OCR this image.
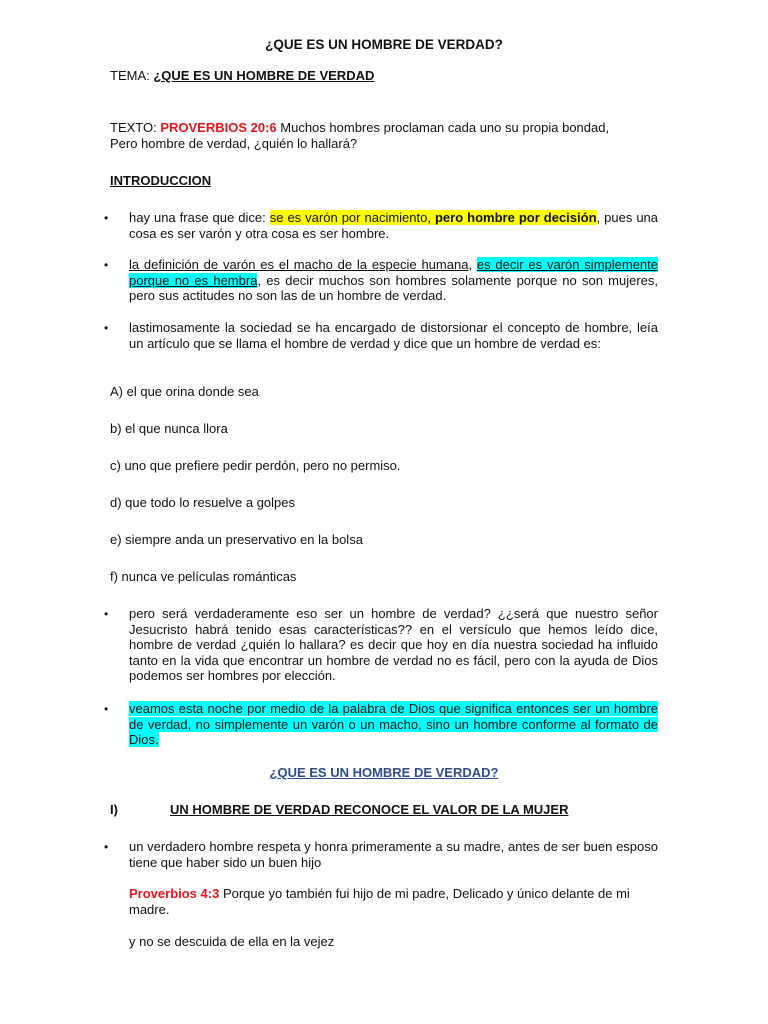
¿QUE ES UN HOMBRE DE VERDAD?
TEMA: ¿QUE ES UN HOMBRE DE VERDAD
TEXTO: PROVERBIOS 20:6 Muchos hombres proclaman cada uno su propia bondad,
Pero hombre de verdad, ¿quién lo hallará?
INTRODUCCION
• hay una frase que dice: se es varón por nacimiento, pero hombre por decisión, pues una cosa es ser varón y otra cosa es ser hombre.
• la definición de varón es el macho de la especie humana, es decir es varón simplemente porque no es hembra, es decir muchos son hombres solamente porque no son mujeres, pero sus actitudes no son las de un hombre de verdad.
• lastimosamente la sociedad se ha encargado de distorsionar el concepto de hombre, leía un artículo que se llama el hombre de verdad y dice que un hombre de verdad es:
A) el que orina donde sea
b) el que nunca llora
c) uno que prefiere pedir perdón, pero no permiso.
d) que todo lo resuelve a golpes
e) siempre anda un preservativo en la bolsa
f) nunca ve películas románticas
• pero será verdaderamente eso ser un hombre de verdad? ¿¿será que nuestro señor Jesucristo habrá tenido esas características?? en el versículo que hemos leído dice, hombre de verdad ¿quién lo hallara? es decir que hoy en día nuestra sociedad ha influido tanto en la vida que encontrar un hombre de verdad no es fácil, pero con la ayuda de Dios podemos ser hombres por elección.
• veamos esta noche por medio de la palabra de Dios que significa entonces ser un hombre de verdad, no simplemente un varón o un macho, sino un hombre conforme al formato de Dios.
¿QUE ES UN HOMBRE DE VERDAD?
I)	UN HOMBRE DE VERDAD RECONOCE EL VALOR DE LA MUJER
• un verdadero hombre respeta y honra primeramente a su madre, antes de ser buen esposo tiene que haber sido un buen hijo
Proverbios 4:3 Porque yo también fui hijo de mi padre, Delicado y único delante de mi madre.
y no se descuida de ella en la vejez
